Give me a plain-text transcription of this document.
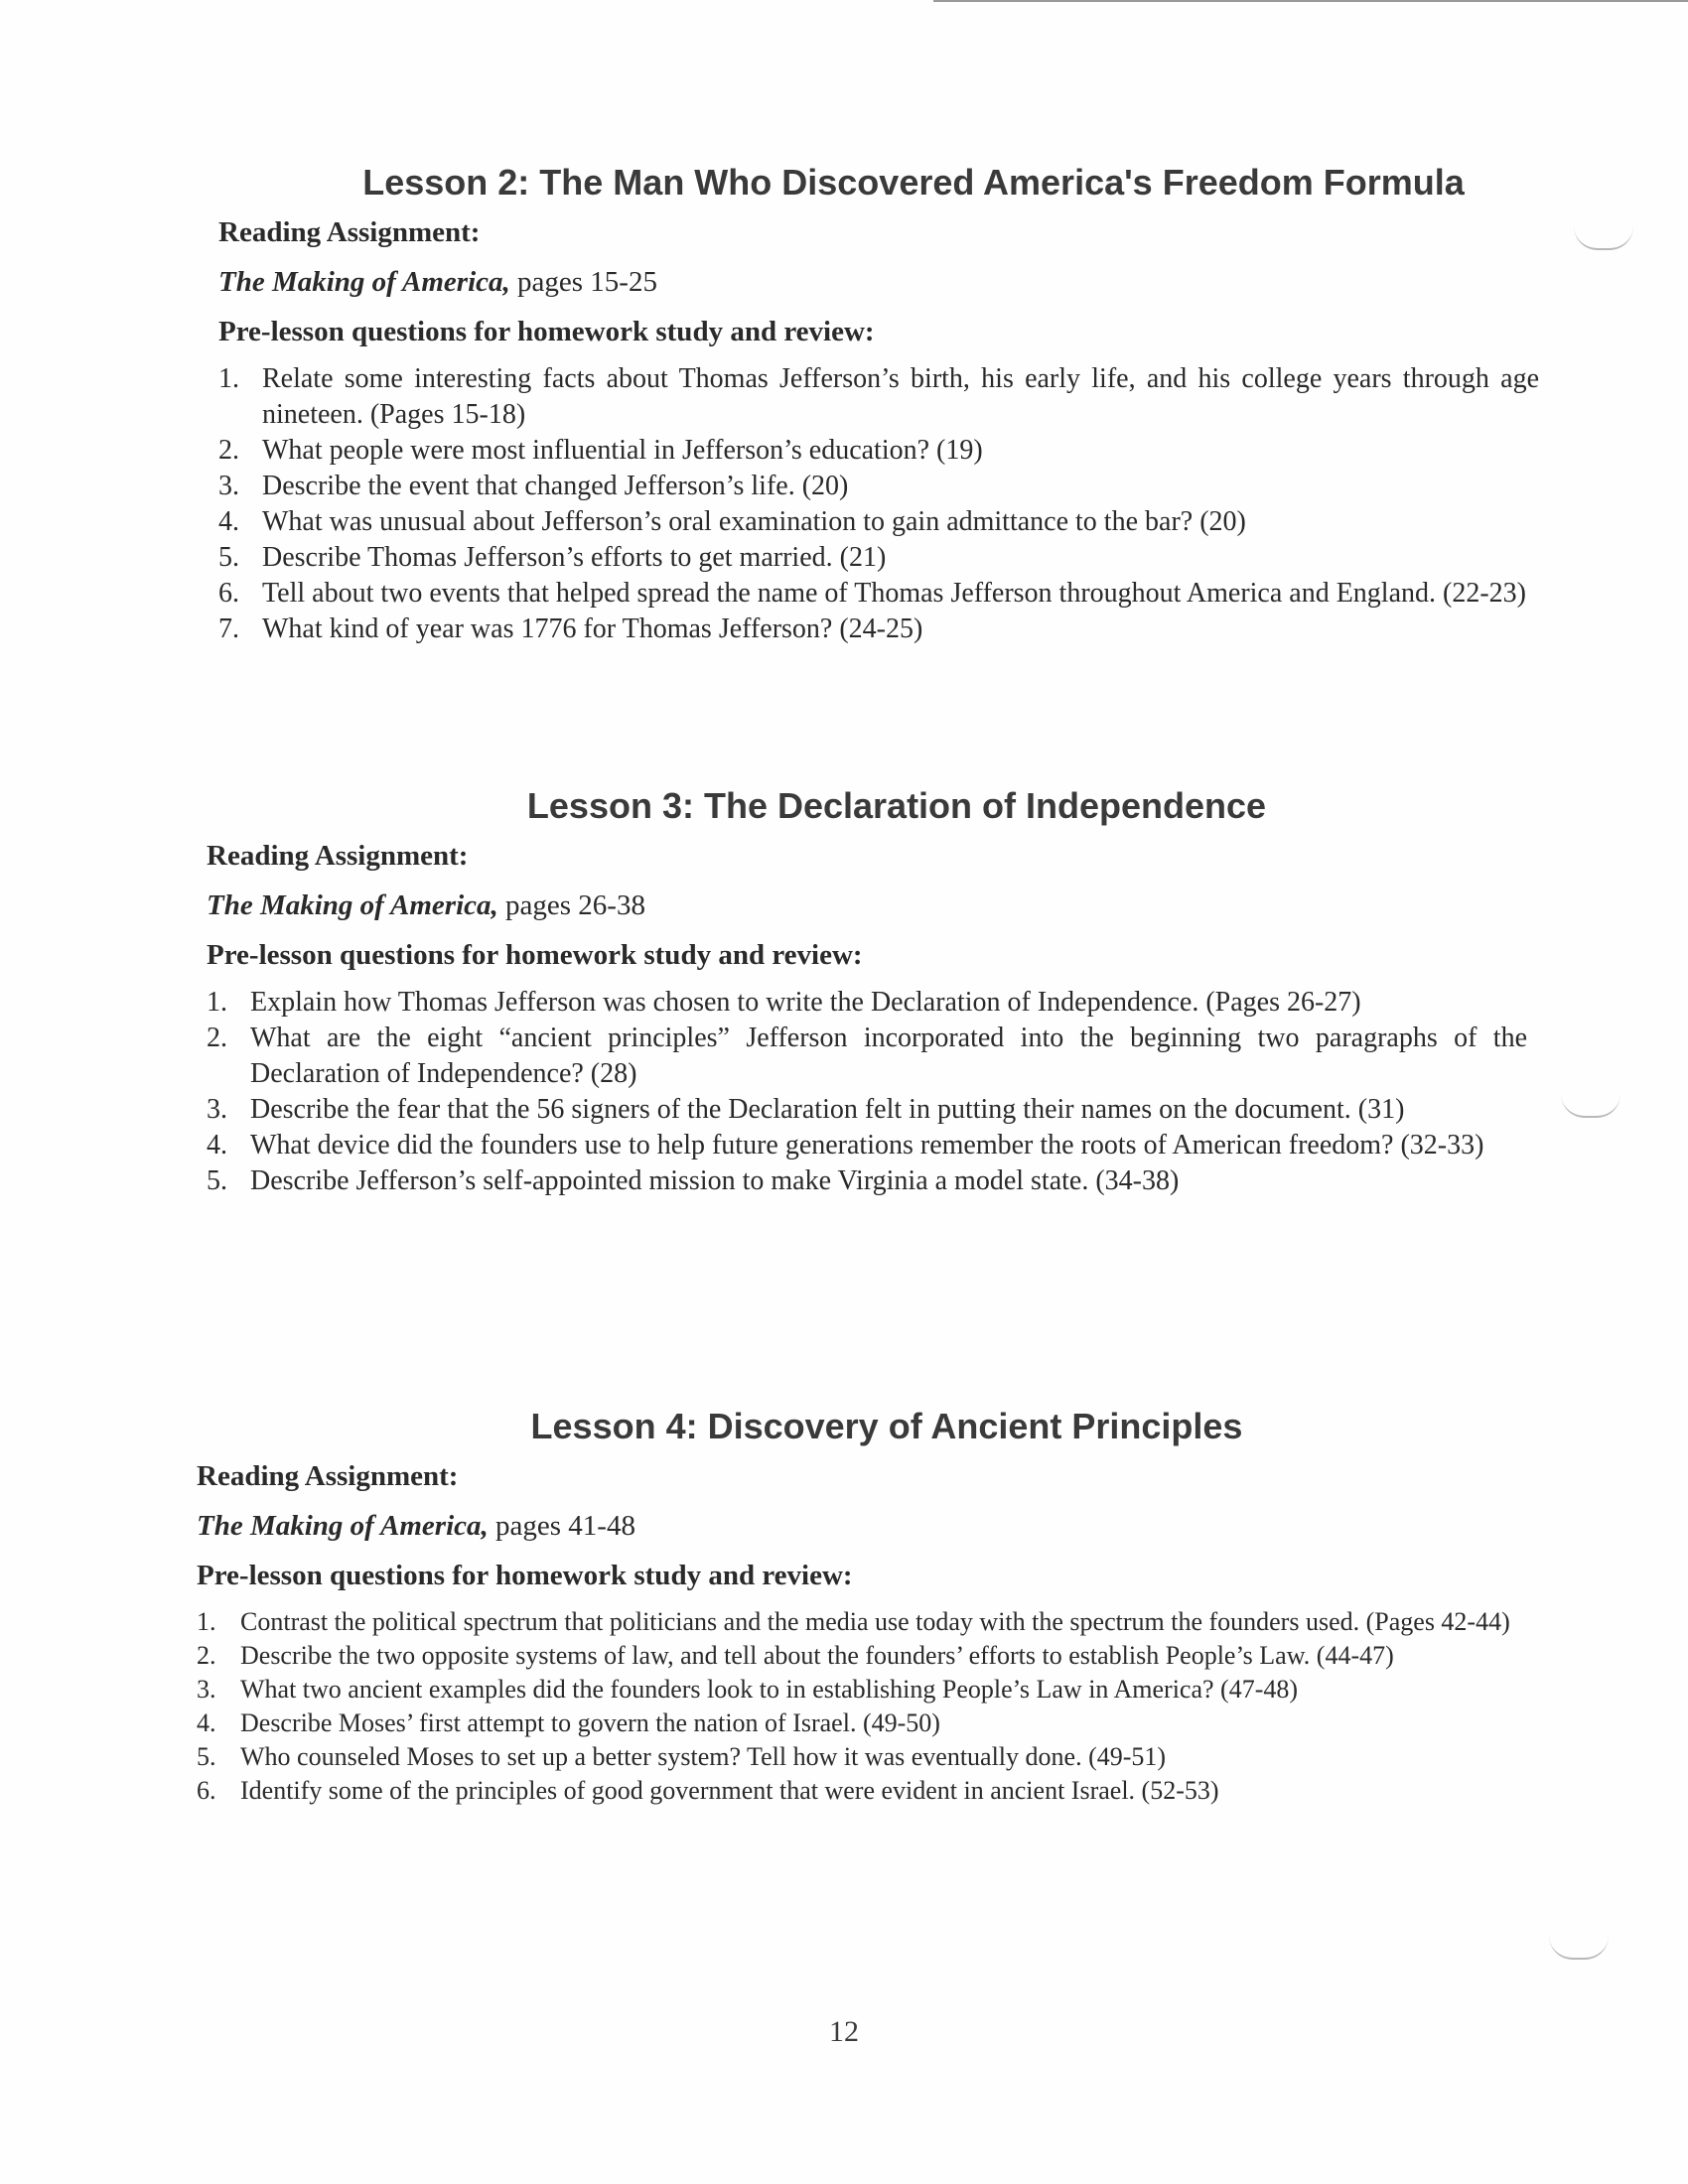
Lesson 2: The Man Who Discovered America's Freedom Formula

Reading Assignment:

The Making of America, pages 15-25

Pre-lesson questions for homework study and review:

1. Relate some interesting facts about Thomas Jefferson’s birth, his early life, and his college years through age nineteen. (Pages 15-18)
2. What people were most influential in Jefferson’s education? (19)
3. Describe the event that changed Jefferson’s life. (20)
4. What was unusual about Jefferson’s oral examination to gain admittance to the bar? (20)
5. Describe Thomas Jefferson’s efforts to get married. (21)
6. Tell about two events that helped spread the name of Thomas Jefferson throughout America and England. (22-23)
7. What kind of year was 1776 for Thomas Jefferson? (24-25)
Lesson 3: The Declaration of Independence

Reading Assignment:

The Making of America, pages 26-38

Pre-lesson questions for homework study and review:

1. Explain how Thomas Jefferson was chosen to write the Declaration of Independence. (Pages 26-27)
2. What are the eight “ancient principles” Jefferson incorporated into the beginning two paragraphs of the Declaration of Independence? (28)
3. Describe the fear that the 56 signers of the Declaration felt in putting their names on the document. (31)
4. What device did the founders use to help future generations remember the roots of American freedom? (32-33)
5. Describe Jefferson’s self-appointed mission to make Virginia a model state. (34-38)
Lesson 4: Discovery of Ancient Principles

Reading Assignment:

The Making of America, pages 41-48

Pre-lesson questions for homework study and review:

1. Contrast the political spectrum that politicians and the media use today with the spectrum the founders used. (Pages 42-44)
2. Describe the two opposite systems of law, and tell about the founders’ efforts to establish People’s Law. (44-47)
3. What two ancient examples did the founders look to in establishing People’s Law in America? (47-48)
4. Describe Moses’ first attempt to govern the nation of Israel. (49-50)
5. Who counseled Moses to set up a better system? Tell how it was eventually done. (49-51)
6. Identify some of the principles of good government that were evident in ancient Israel. (52-53)
12
